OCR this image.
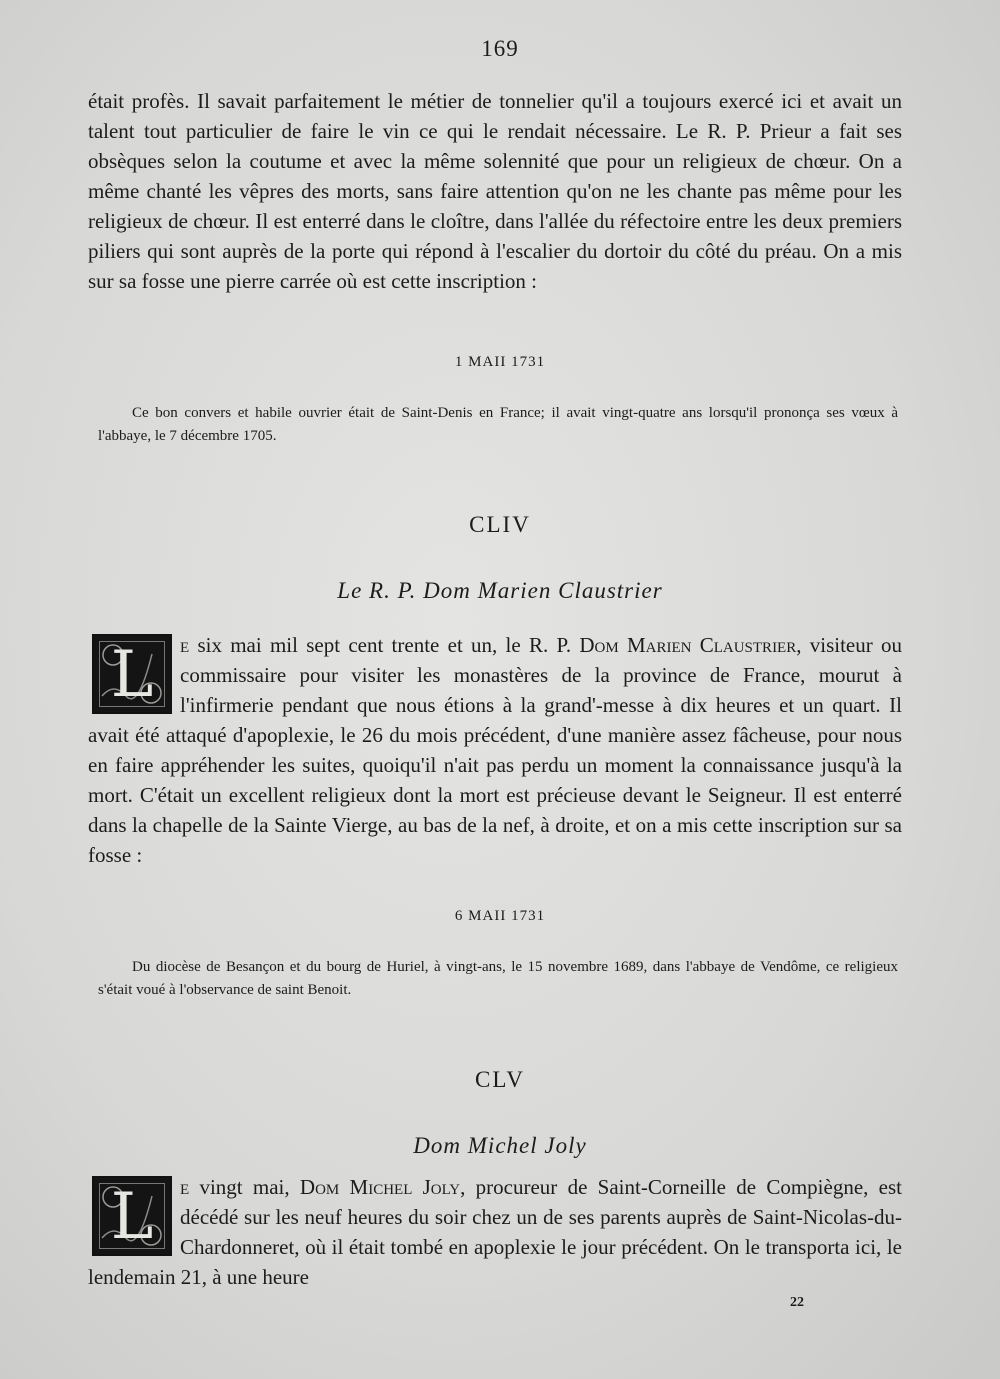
169

était profès. Il savait parfaitement le métier de tonnelier qu'il a toujours exercé ici et avait un talent tout particulier de faire le vin ce qui le rendait nécessaire. Le R. P. Prieur a fait ses obsèques selon la coutume et avec la même solennité que pour un religieux de chœur. On a même chanté les vêpres des morts, sans faire attention qu'on ne les chante pas même pour les religieux de chœur. Il est enterré dans le cloître, dans l'allée du réfectoire entre les deux premiers piliers qui sont auprès de la porte qui répond à l'escalier du dortoir du côté du préau. On a mis sur sa fosse une pierre carrée où est cette inscription :

1 MAII 1731

Ce bon convers et habile ouvrier était de Saint-Denis en France; il avait vingt-quatre ans lorsqu'il prononça ses vœux à l'abbaye, le 7 décembre 1705.

CLIV
Le R. P. Dom Marien Claustrier
L	e six mai mil sept cent trente et un, le R. P. Dom Marien Claustrier, visiteur ou commissaire pour visiter les monastères de la province de France, mourut à l'infirmerie pendant que nous étions à la grand'-messe à dix heures et un quart. Il avait été attaqué d'apoplexie, le 26 du mois précédent, d'une manière assez fâcheuse, pour nous en faire appréhender les suites, quoiqu'il n'ait pas perdu un moment la connaissance jusqu'à la mort. C'était un excellent religieux dont la mort est précieuse devant le Seigneur. Il est enterré dans la chapelle de la Sainte Vierge, au bas de la nef, à droite, et on a mis cette inscription sur sa fosse :
6 MAII 1731

Du diocèse de Besançon et du bourg de Huriel, à vingt-ans, le 15 novembre 1689, dans l'abbaye de Vendôme, ce religieux s'était voué à l'observance de saint Benoit.

CLV
Dom Michel Joly
L	e vingt mai, Dom Michel Joly, procureur de Saint-Corneille de Compiègne, est décédé sur les neuf heures du soir chez un de ses parents auprès de Saint-Nicolas-du-Chardonneret, où il était tombé en apoplexie le jour précédent. On le transporta ici, le lendemain 21, à une heure
22
